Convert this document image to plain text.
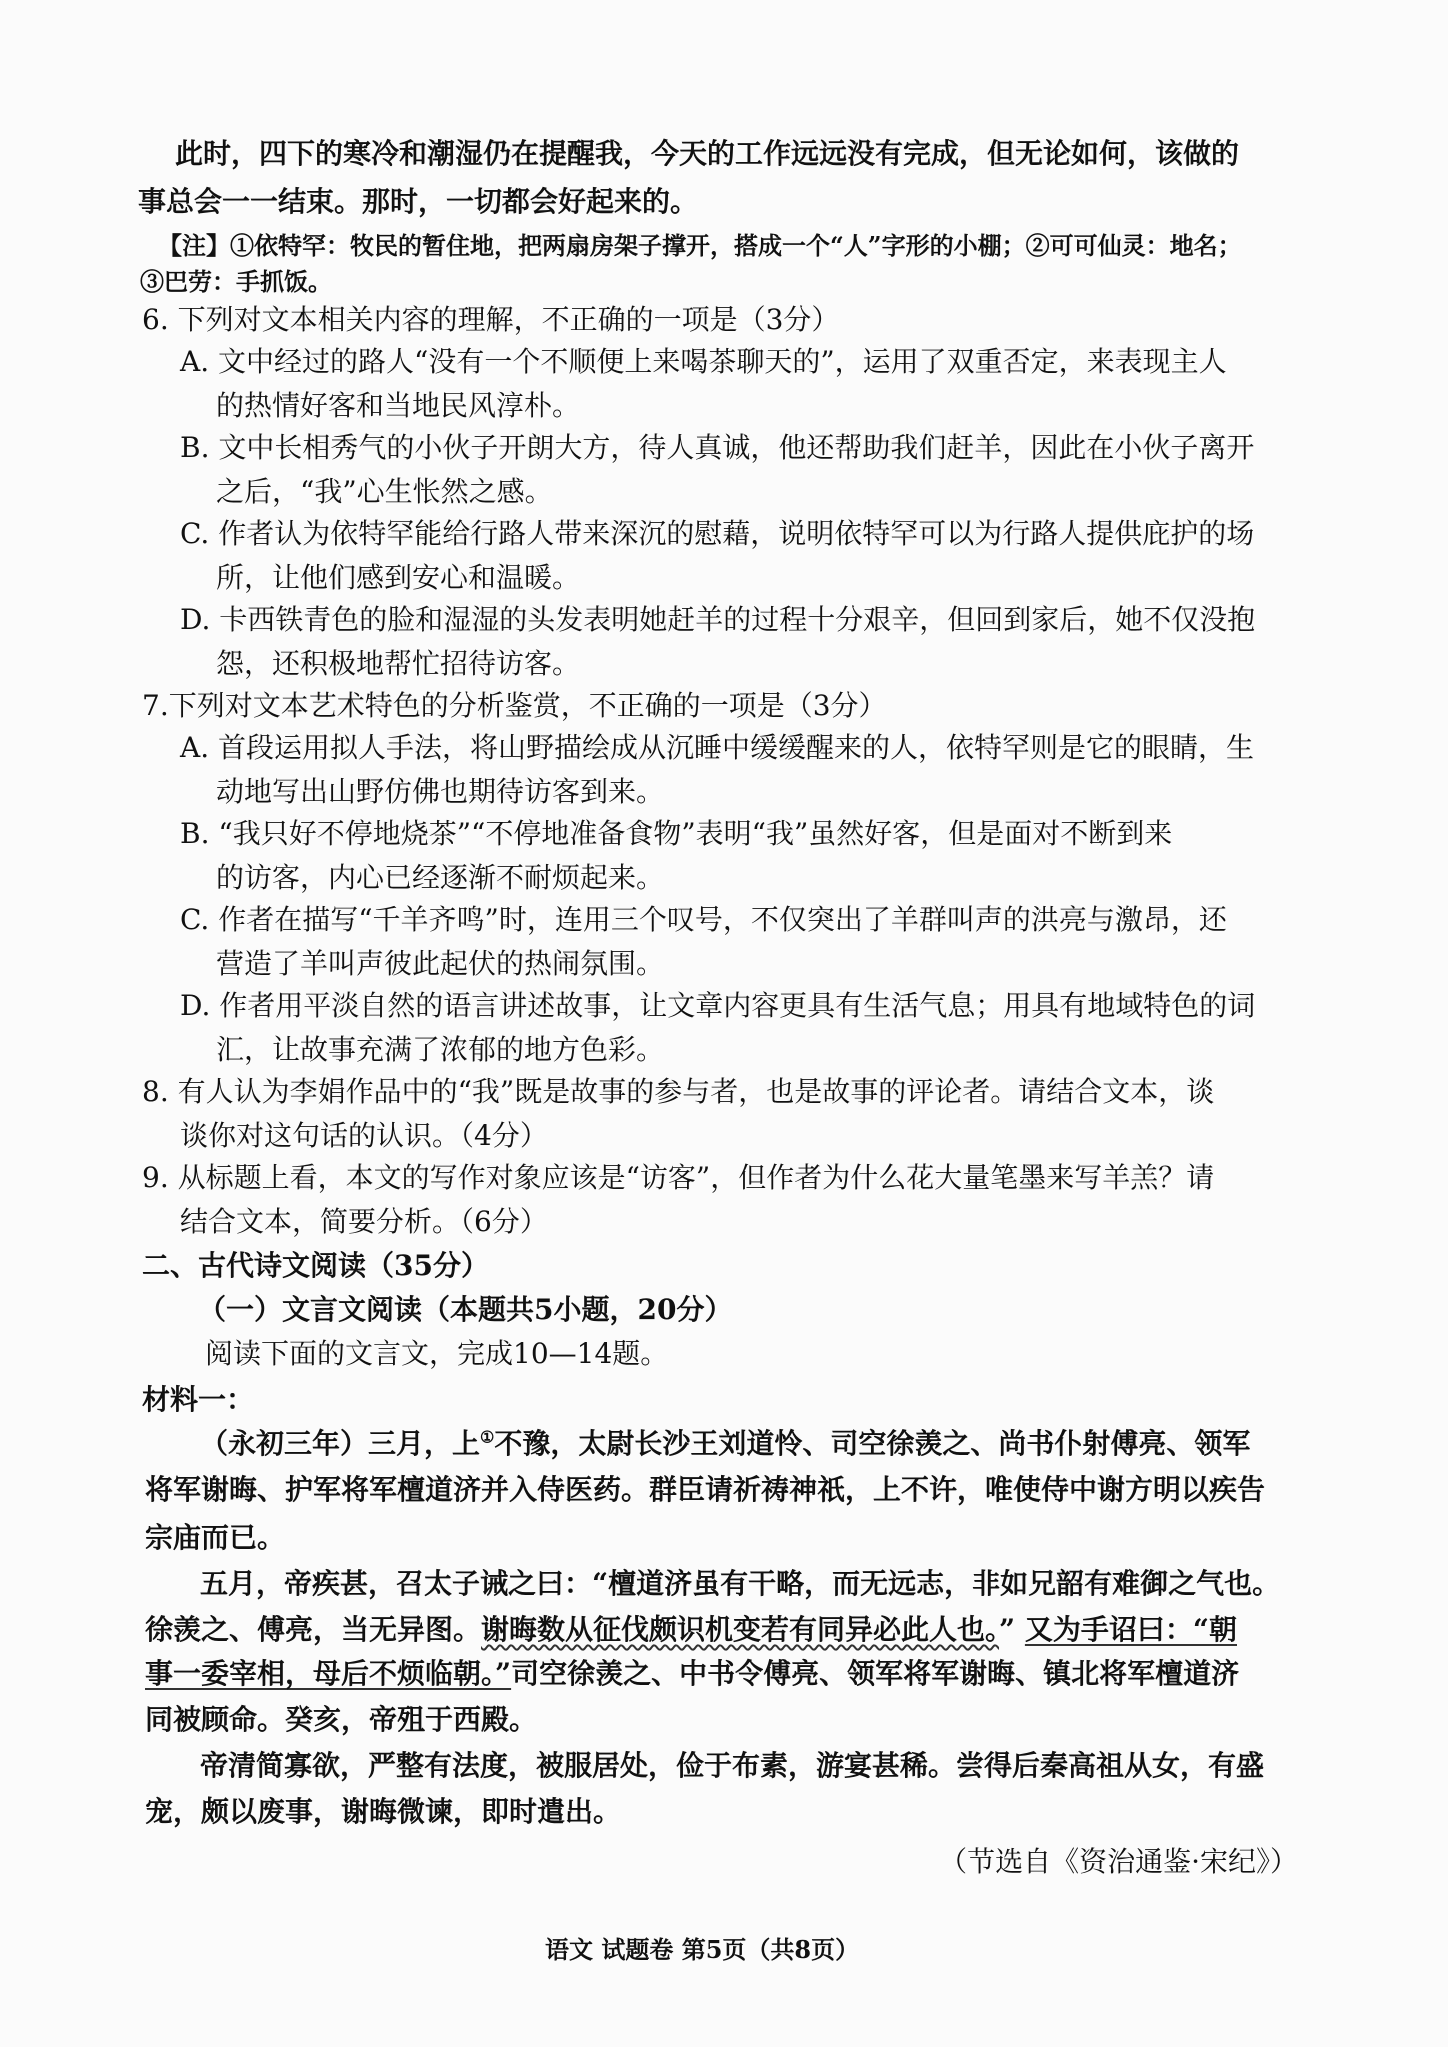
此时，四下的寒冷和潮湿仍在提醒我，今天的工作远远没有完成，但无论如何，该做的
事总会一一结束。那时，一切都会好起来的。
【注】①依特罕：牧民的暂住地，把两扇房架子撑开，搭成一个“人”字形的小棚；②可可仙灵：地名；
③巴劳：手抓饭。
6. 下列对文本相关内容的理解，不正确的一项是（3分）
A. 文中经过的路人“没有一个不顺便上来喝茶聊天的”，运用了双重否定，来表现主人
的热情好客和当地民风淳朴。
B. 文中长相秀气的小伙子开朗大方，待人真诚，他还帮助我们赶羊，因此在小伙子离开
之后，“我”心生怅然之感。
C. 作者认为依特罕能给行路人带来深沉的慰藉，说明依特罕可以为行路人提供庇护的场
所，让他们感到安心和温暖。
D. 卡西铁青色的脸和湿湿的头发表明她赶羊的过程十分艰辛，但回到家后，她不仅没抱
怨，还积极地帮忙招待访客。
7.下列对文本艺术特色的分析鉴赏，不正确的一项是（3分）
A. 首段运用拟人手法，将山野描绘成从沉睡中缓缓醒来的人，依特罕则是它的眼睛，生
动地写出山野仿佛也期待访客到来。
B. “我只好不停地烧茶”“不停地准备食物”表明“我”虽然好客，但是面对不断到来
的访客，内心已经逐渐不耐烦起来。
C. 作者在描写“千羊齐鸣”时，连用三个叹号，不仅突出了羊群叫声的洪亮与激昂，还
营造了羊叫声彼此起伏的热闹氛围。
D. 作者用平淡自然的语言讲述故事，让文章内容更具有生活气息；用具有地域特色的词
汇，让故事充满了浓郁的地方色彩。
8. 有人认为李娟作品中的“我”既是故事的参与者，也是故事的评论者。请结合文本，谈
谈你对这句话的认识。（4分）
9. 从标题上看，本文的写作对象应该是“访客”，但作者为什么花大量笔墨来写羊羔？请
结合文本，简要分析。（6分）
二、古代诗文阅读（35分）
（一）文言文阅读（本题共5小题，20分）
阅读下面的文言文，完成10—14题。
材料一：
（永初三年）三月，上①不豫，太尉长沙王刘道怜、司空徐羡之、尚书仆射傅亮、领军
将军谢晦、护军将军檀道济并入侍医药。群臣请祈祷神祇，上不许，唯使侍中谢方明以疾告
宗庙而已。
五月，帝疾甚，召太子诫之曰：“檀道济虽有干略，而无远志，非如兄韶有难御之气也。
徐羡之、傅亮，当无异图。谢晦数从征伐颇识机变若有同异必此人也。” 又为手诏曰：“朝
事一委宰相，母后不烦临朝。”司空徐羡之、中书令傅亮、领军将军谢晦、镇北将军檀道济
同被顾命。癸亥，帝殂于西殿。
帝清简寡欲，严整有法度，被服居处，俭于布素，游宴甚稀。尝得后秦高祖从女，有盛
宠，颇以废事，谢晦微谏，即时遣出。
（节选自《资治通鉴·宋纪》）
语文 试题卷 第5页（共8页）
